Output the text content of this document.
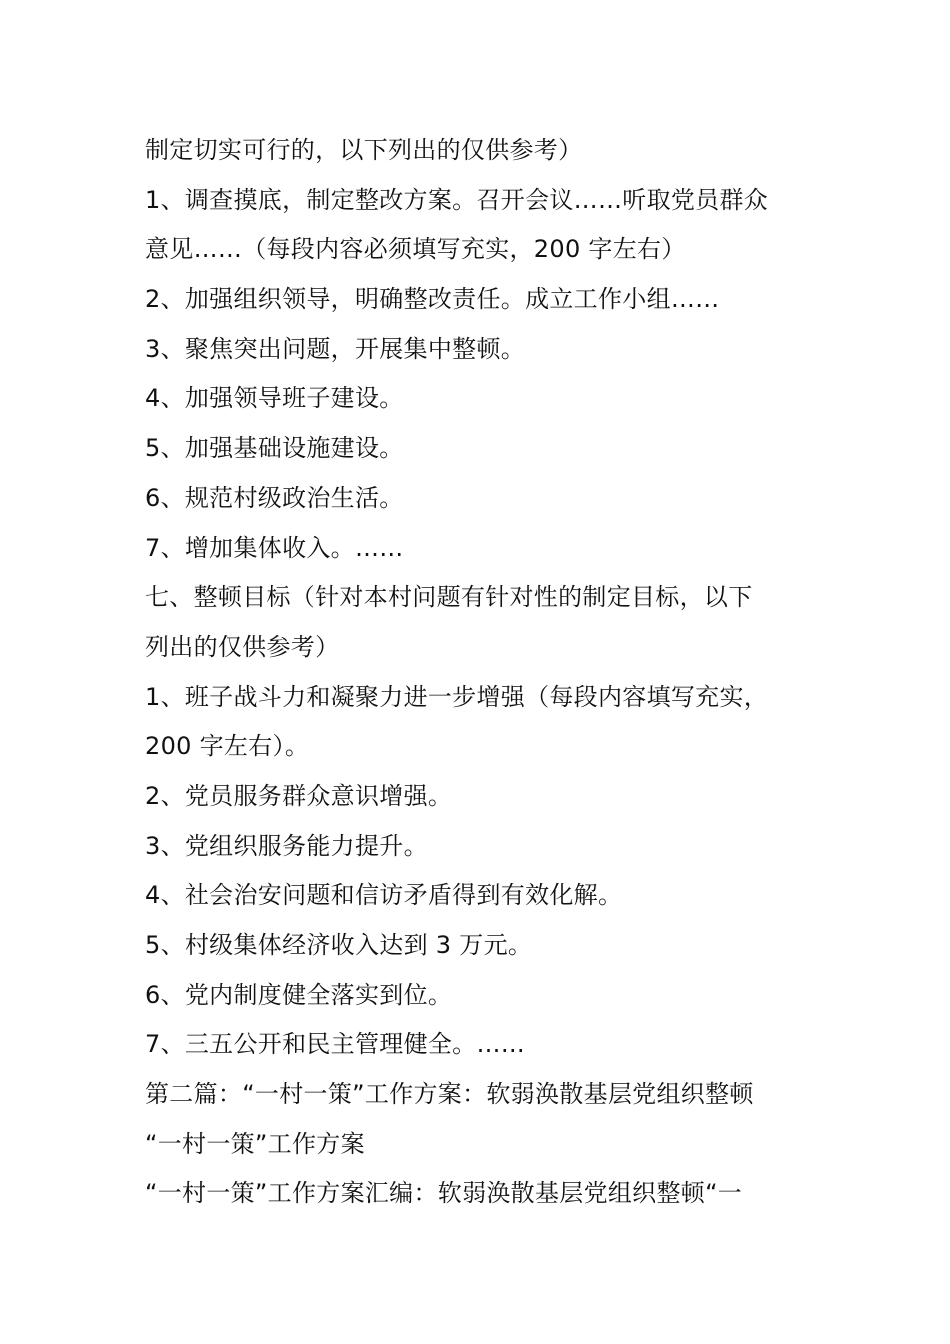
制定切实可行的，以下列出的仅供参考）
1、调查摸底，制定整改方案。召开会议……听取党员群众
意见……（每段内容必须填写充实，200 字左右）
2、加强组织领导，明确整改责任。成立工作小组……
3、聚焦突出问题，开展集中整顿。
4、加强领导班子建设。
5、加强基础设施建设。
6、规范村级政治生活。
7、增加集体收入。……
七、整顿目标（针对本村问题有针对性的制定目标，以下
列出的仅供参考）
1、班子战斗力和凝聚力进一步增强（每段内容填写充实，
200 字左右）。
2、党员服务群众意识增强。
3、党组织服务能力提升。
4、社会治安问题和信访矛盾得到有效化解。
5、村级集体经济收入达到 3 万元。
6、党内制度健全落实到位。
7、三五公开和民主管理健全。……
第二篇：“一村一策”工作方案：软弱涣散基层党组织整顿
“一村一策”工作方案
“一村一策”工作方案汇编：软弱涣散基层党组织整顿“一
